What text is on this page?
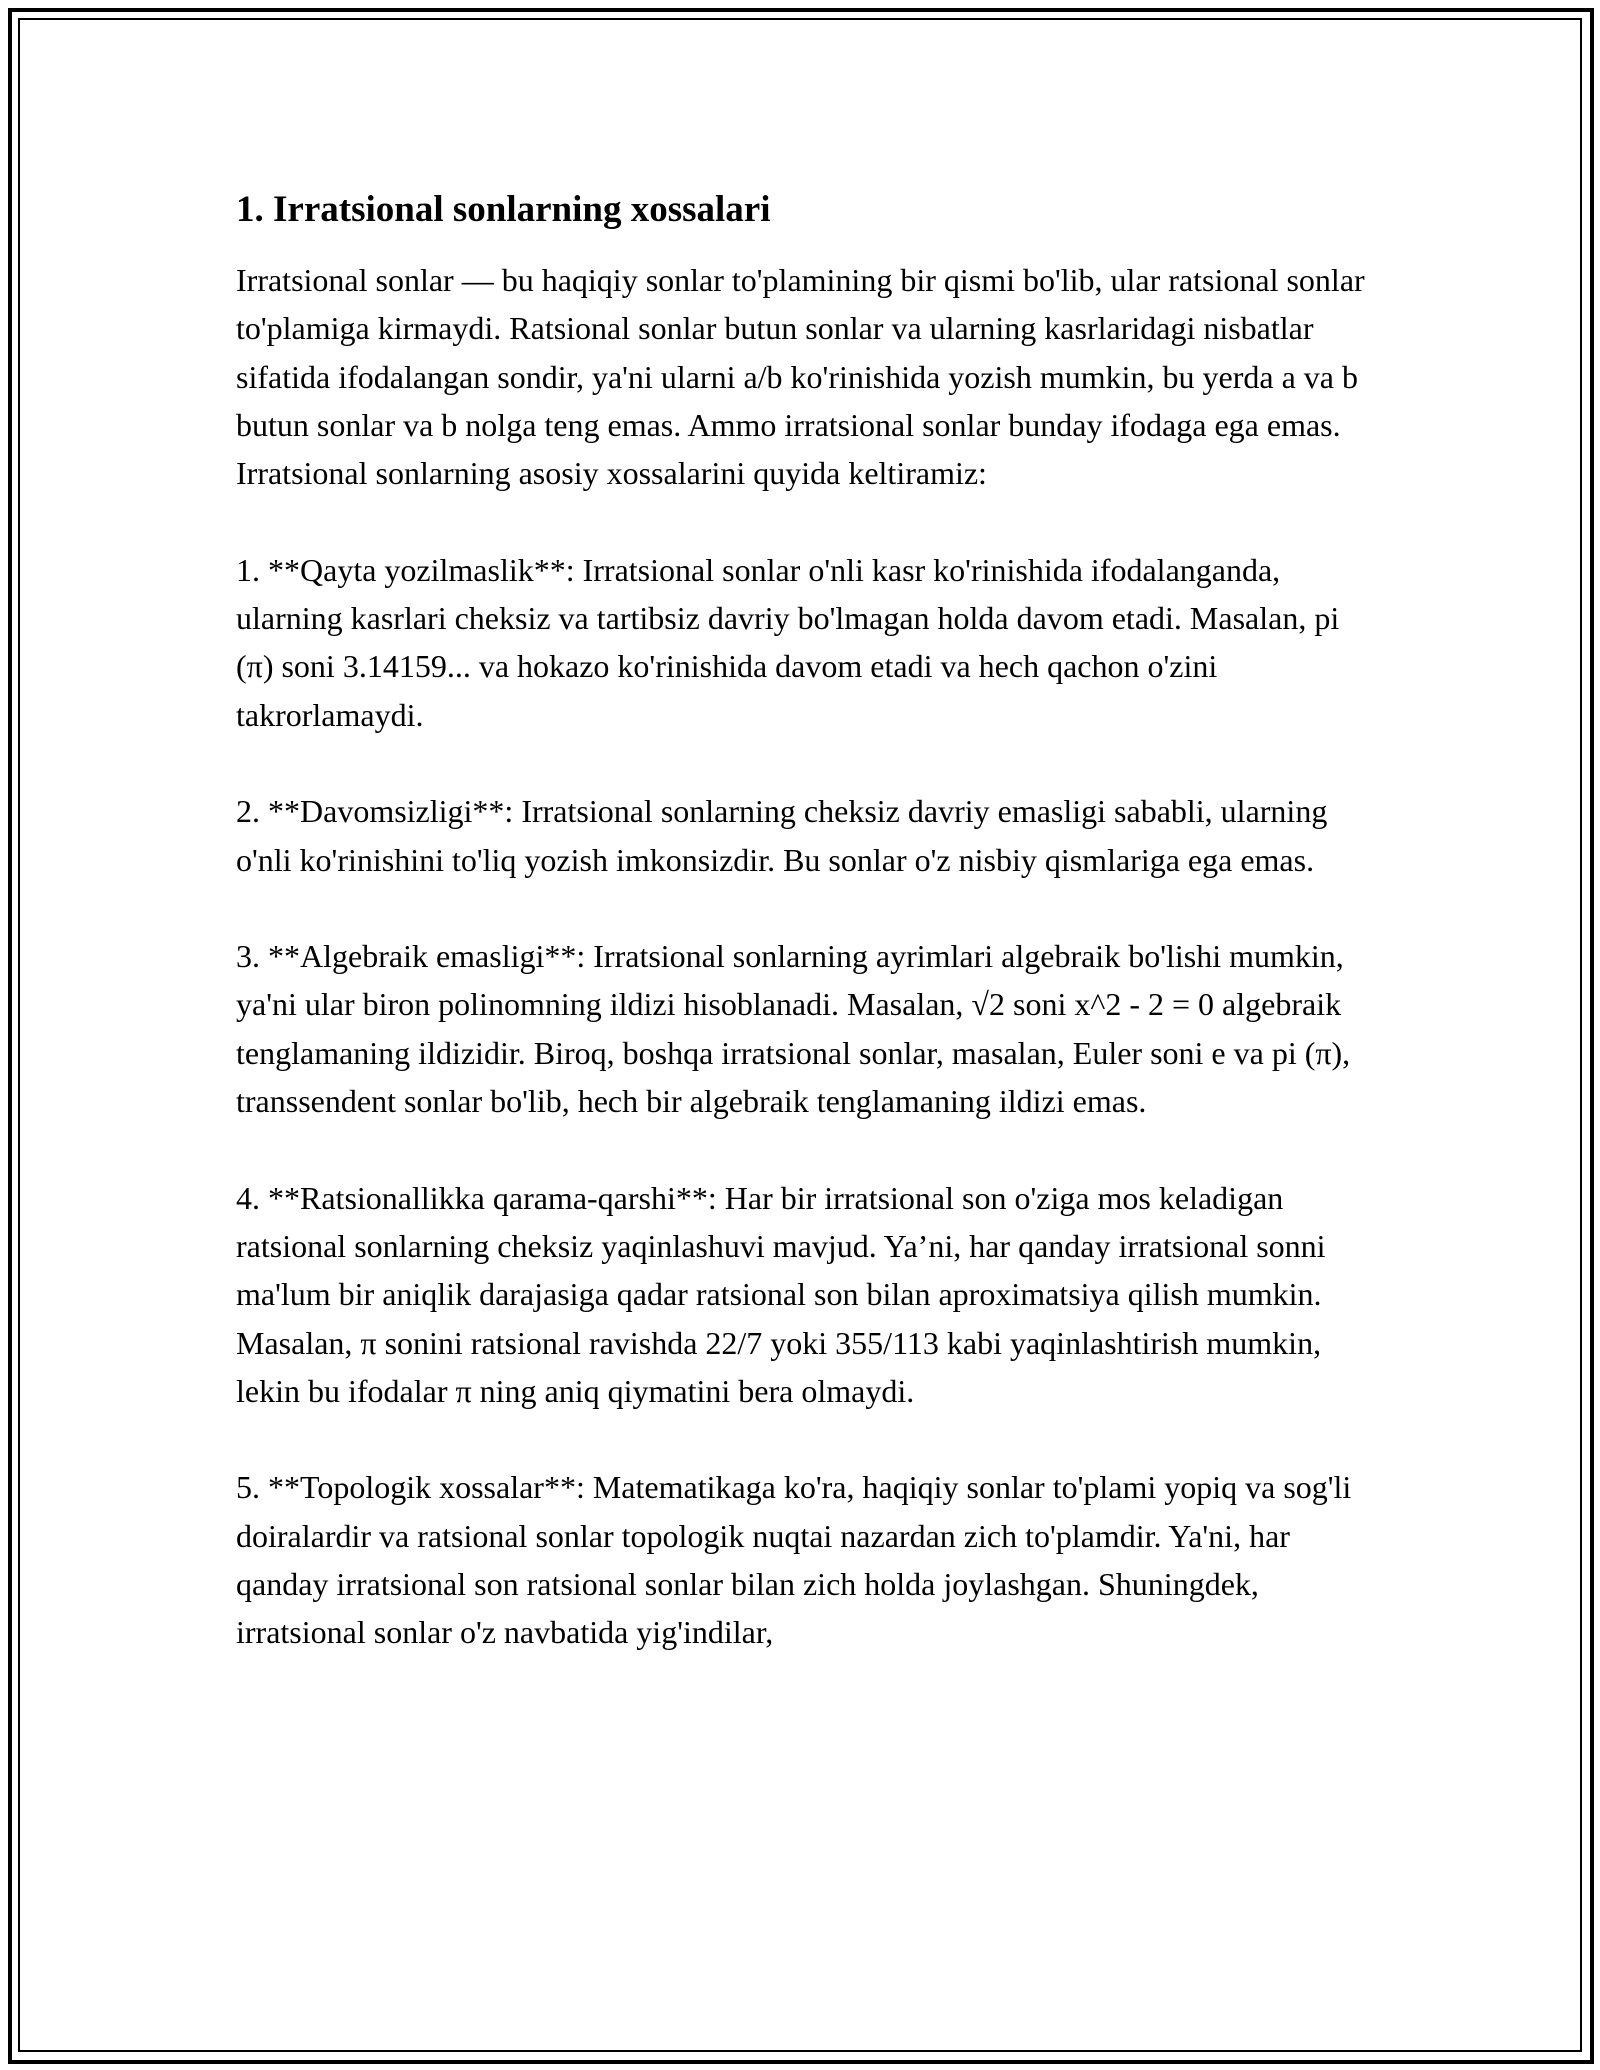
1. Irratsional sonlarning xossalari

Irratsional sonlar — bu haqiqiy sonlar to'plamining bir qismi bo'lib, ular ratsional sonlar to'plamiga kirmaydi. Ratsional sonlar butun sonlar va ularning kasrlaridagi nisbatlar sifatida ifodalangan sondir, ya'ni ularni a/b ko'rinishida yozish mumkin, bu yerda a va b butun sonlar va b nolga teng emas. Ammo irratsional sonlar bunday ifodaga ega emas. Irratsional sonlarning asosiy xossalarini quyida keltiramiz:

1. **Qayta yozilmaslik**: Irratsional sonlar o'nli kasr ko'rinishida ifodalanganda, ularning kasrlari cheksiz va tartibsiz davriy bo'lmagan holda davom etadi. Masalan, pi (π) soni 3.14159... va hokazo ko'rinishida davom etadi va hech qachon o'zini takrorlamaydi.

2. **Davomsizligi**: Irratsional sonlarning cheksiz davriy emasligi sababli, ularning o'nli ko'rinishini to'liq yozish imkonsizdir. Bu sonlar o'z nisbiy qismlariga ega emas.

3. **Algebraik emasligi**: Irratsional sonlarning ayrimlari algebraik bo'lishi mumkin, ya'ni ular biron polinomning ildizi hisoblanadi. Masalan, √2 soni x^2 - 2 = 0 algebraik tenglamaning ildizidir. Biroq, boshqa irratsional sonlar, masalan, Euler soni e va pi (π), transsendent sonlar bo'lib, hech bir algebraik tenglamaning ildizi emas.

4. **Ratsionallikka qarama-qarshi**: Har bir irratsional son o'ziga mos keladigan ratsional sonlarning cheksiz yaqinlashuvi mavjud. Ya’ni, har qanday irratsional sonni ma'lum bir aniqlik darajasiga qadar ratsional son bilan aproximatsiya qilish mumkin. Masalan, π sonini ratsional ravishda 22/7 yoki 355/113 kabi yaqinlashtirish mumkin, lekin bu ifodalar π ning aniq qiymatini bera olmaydi.

5. **Topologik xossalar**: Matematikaga ko'ra, haqiqiy sonlar to'plami yopiq va sog'li doiralardir va ratsional sonlar topologik nuqtai nazardan zich to'plamdir. Ya'ni, har qanday irratsional son ratsional sonlar bilan zich holda joylashgan. Shuningdek, irratsional sonlar o'z navbatida yig'indilar,
